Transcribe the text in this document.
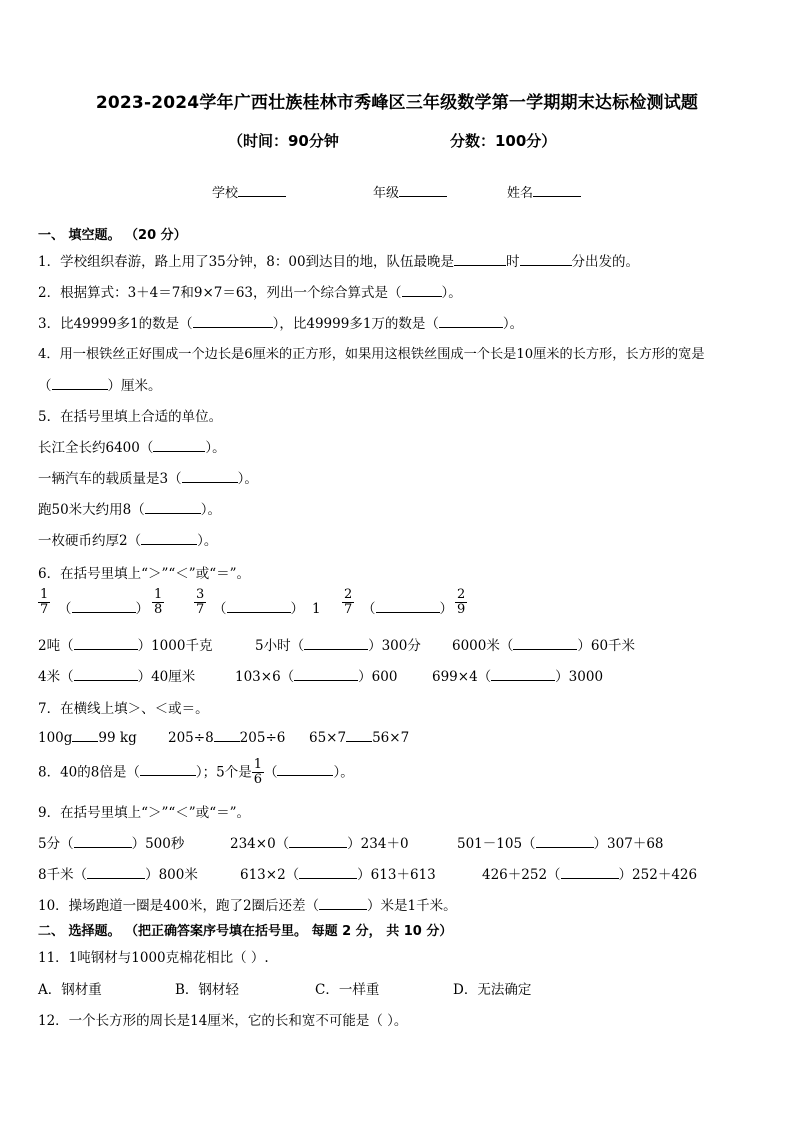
2023-2024学年广西壮族桂林市秀峰区三年级数学第一学期期末达标检测试题
（时间：90分钟	分数：100分）
学校	年级	姓名
一、 填空题。 （20 分）
1．学校组织春游，路上用了35分钟，8：00到达目的地，队伍最晚是	时	分出发的。
2．根据算式：3＋4＝7和9×7＝63，列出一个综合算式是（	）。
3．比49999多1的数是（	），比49999多1万的数是（	）。
4．用一根铁丝正好围成一个边长是6厘米的正方形，如果用这根铁丝围成一个长是10厘米的长方形，长方形的宽是
（	）厘米。
5．在括号里填上合适的单位。
长江全长约6400（	）。
一辆汽车的载质量是3（	）。
跑50米大约用8（	）。
一枚硬币约厚2（	）。
6．在括号里填上“＞”“＜”或“＝”。
$\frac{1}{7}$ （	） $\frac{1}{8} \frac{3}{7}$ （	） $1 \frac{2}{7}$ （	） $\frac{2}{9}$
2吨（	）1000千克	5小时（	）300分 6000米（	）60千米
4米（	）40厘米	103×6（	）600	699×4（	）3000
7．在横线上填＞、＜或＝。
100g 99 kg 205÷8 205÷6 65×7 56×7
8．40的8倍是（	）；5个是 $\frac{1}{6}$ （	）。
9．在括号里填上“＞”“＜”或“＝”。
5分（	）500秒	234×0（	）234＋0	501－105（	）307＋68
8千米（	）800米	613×2（	）613＋613	426＋252（	）252＋426
10．操场跑道一圈是400米，跑了2圈后还差（	）米是1千米。
二、 选择题。 （把正确答案序号填在括号里。 每题 2 分， 共 10 分）
11．1吨钢材与1000克棉花相比（ ）.
A．钢材重	B．钢材轻	C．一样重	D．无法确定
12．一个长方形的周长是14厘米，它的长和宽不可能是（ ）。
